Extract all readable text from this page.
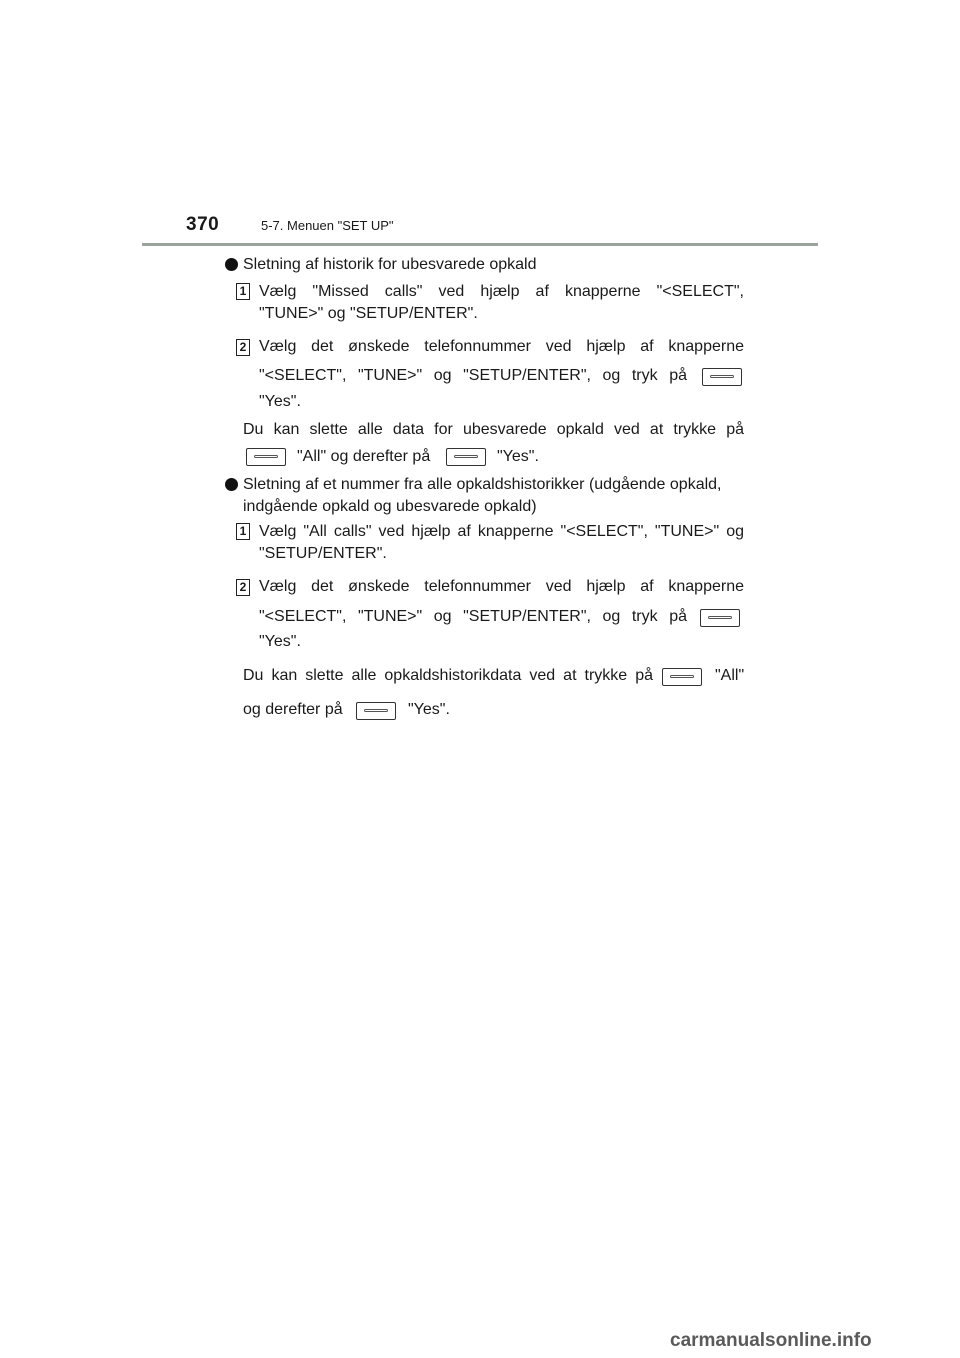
370	5-7. Menuen "SET UP"
Sletning af historik for ubesvarede opkald
1 Vælg "Missed calls" ved hjælp af knapperne "<SELECT",
"TUNE>" og "SETUP/ENTER".
2 Vælg det ønskede telefonnummer ved hjælp af knapperne
"<SELECT", "TUNE>" og "SETUP/ENTER", og tryk på
"Yes".
Du kan slette alle data for ubesvarede opkald ved at trykke på
"All" og derefter på	"Yes".
Sletning af et nummer fra alle opkaldshistorikker (udgående opkald,
indgående opkald og ubesvarede opkald)
1 Vælg "All calls" ved hjælp af knapperne "<SELECT", "TUNE>" og
"SETUP/ENTER".
2 Vælg det ønskede telefonnummer ved hjælp af knapperne
"<SELECT", "TUNE>" og "SETUP/ENTER", og tryk på
"Yes".
Du kan slette alle opkaldshistorikdata ved at trykke på	"All"
og derefter på	"Yes".
carmanualsonline.info
